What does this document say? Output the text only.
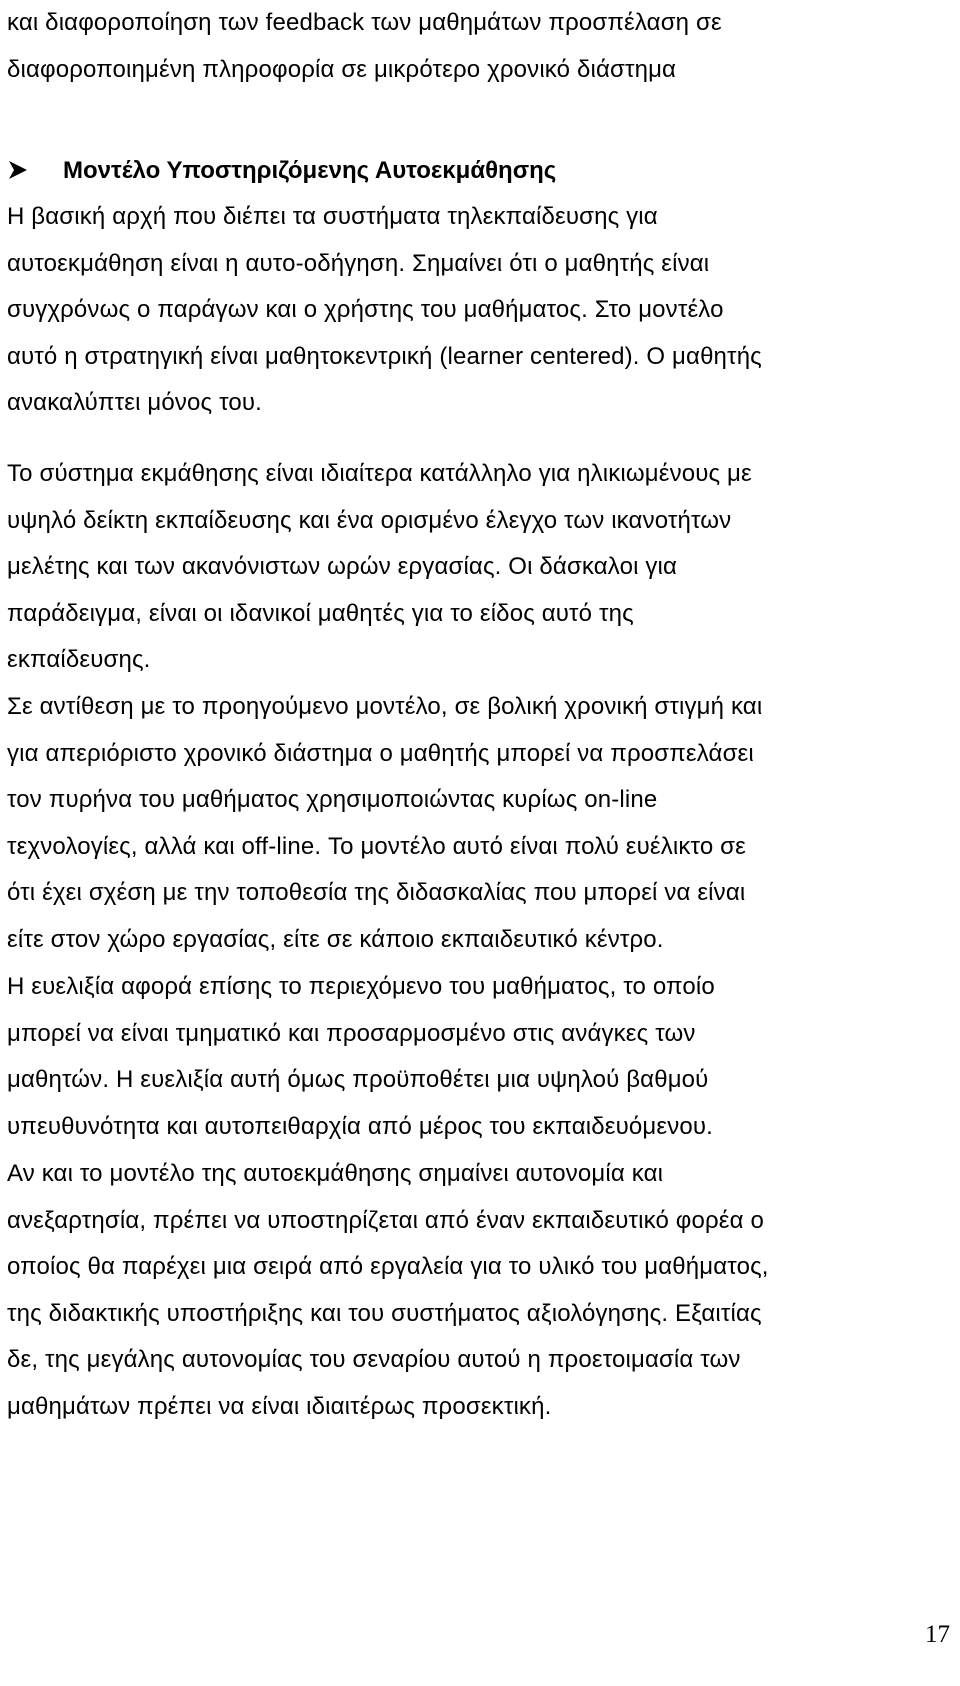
και διαφοροποίηση των feedback των μαθημάτων προσπέλαση σε
διαφοροποιημένη πληροφορία σε μικρότερο χρονικό διάστημα

Μοντέλο Υποστηριζόμενης Αυτοεκμάθησης

Η βασική αρχή που διέπει τα συστήματα τηλεκπαίδευσης για
αυτοεκμάθηση είναι η αυτο-οδήγηση. Σημαίνει ότι ο μαθητής είναι
συγχρόνως ο παράγων και ο χρήστης του μαθήματος. Στο μοντέλο
αυτό η στρατηγική είναι μαθητοκεντρική (learner centered). Ο μαθητής
ανακαλύπτει μόνος του.

Το σύστημα εκμάθησης είναι ιδιαίτερα κατάλληλο για ηλικιωμένους με
υψηλό δείκτη εκπαίδευσης και ένα ορισμένο έλεγχο των ικανοτήτων
μελέτης και των ακανόνιστων ωρών εργασίας. Οι δάσκαλοι για
παράδειγμα, είναι οι ιδανικοί μαθητές για το είδος αυτό της
εκπαίδευσης.

Σε αντίθεση με το προηγούμενο μοντέλο, σε βολική χρονική στιγμή και
για απεριόριστο χρονικό διάστημα ο μαθητής μπορεί να προσπελάσει
τον πυρήνα του μαθήματος χρησιμοποιώντας κυρίως on-line
τεχνολογίες, αλλά και off-line. Το μοντέλο αυτό είναι πολύ ευέλικτο σε
ότι έχει σχέση με την τοποθεσία της διδασκαλίας που μπορεί να είναι
είτε στον χώρο εργασίας, είτε σε κάποιο εκπαιδευτικό κέντρο.

Η ευελιξία αφορά επίσης το περιεχόμενο του μαθήματος, το οποίο
μπορεί να είναι τμηματικό και προσαρμοσμένο στις ανάγκες των
μαθητών. Η ευελιξία αυτή όμως προϋποθέτει μια υψηλού βαθμού
υπευθυνότητα και αυτοπειθαρχία από μέρος του εκπαιδευόμενου.

Αν και το μοντέλο της αυτοεκμάθησης σημαίνει αυτονομία και
ανεξαρτησία, πρέπει να υποστηρίζεται από έναν εκπαιδευτικό φορέα ο
οποίος θα παρέχει μια σειρά από εργαλεία για το υλικό του μαθήματος,
της διδακτικής υποστήριξης και του συστήματος αξιολόγησης. Εξαιτίας
δε, της μεγάλης αυτονομίας του σεναρίου αυτού η προετοιμασία των
μαθημάτων πρέπει να είναι ιδιαιτέρως προσεκτική.

17
